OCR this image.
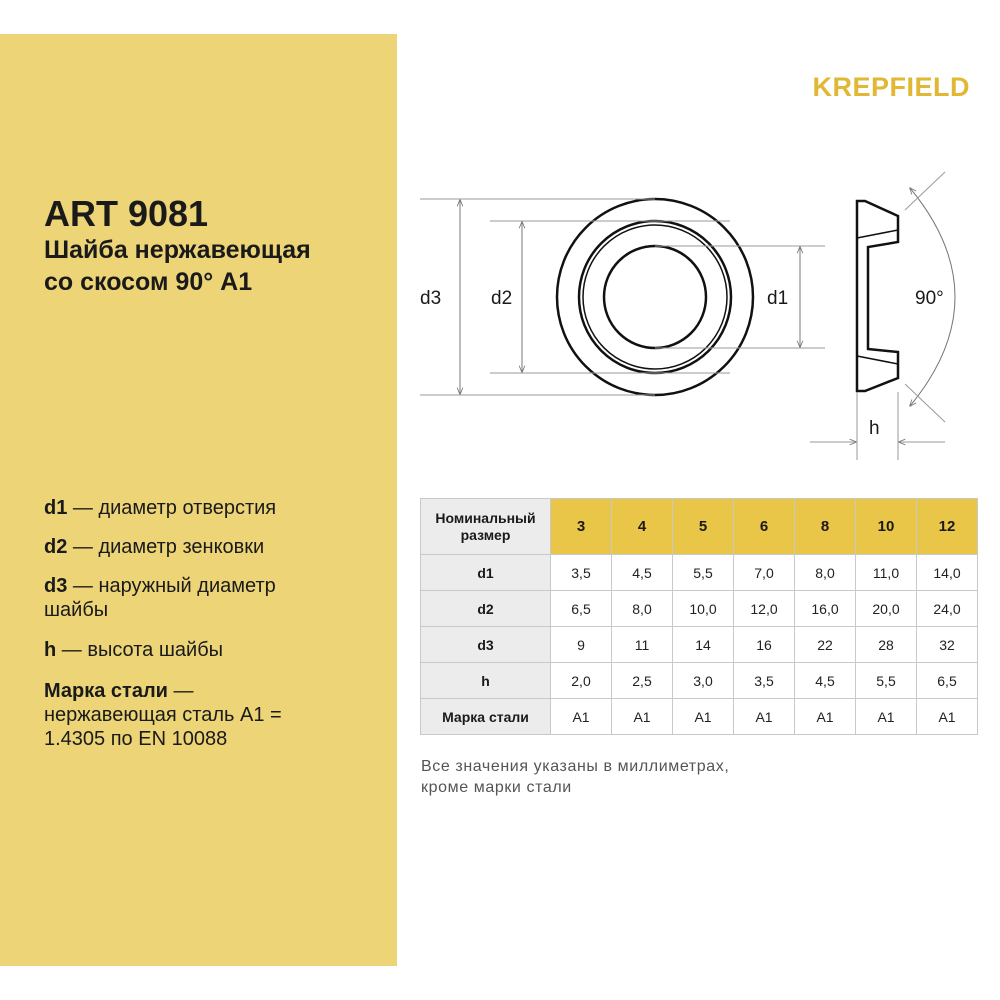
KREPFIELD
ART 9081
Шайба нержавеющая
со скосом 90° А1
d1 — диаметр отверстия
d2 — диаметр зенковки
d3 — наружный диаметр шайбы
h — высота шайбы
Марка стали — нержавеющая сталь А1 = 1.4305 по EN 10088
d3	d2	d1	90°
h
Номинальный
размер	3	4	5	6	8	10	12
d1	3,5	4,5	5,5	7,0	8,0	11,0	14,0
d2	6,5	8,0	10,0	12,0	16,0	20,0	24,0
d3	9	11	14	16	22	28	32
h	2,0	2,5	3,0	3,5	4,5	5,5	6,5
Марка стали	A1	A1	A1	A1	A1	A1	A1
Все значения указаны в миллиметрах,
кроме марки стали
